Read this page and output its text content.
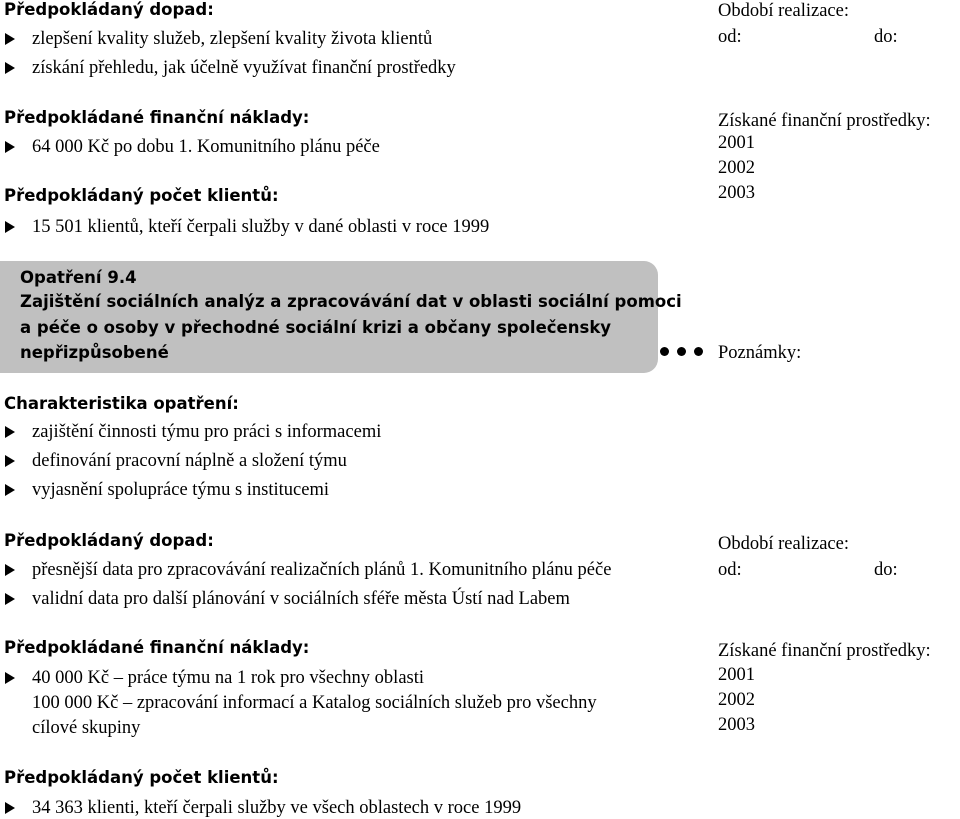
Předpokládaný dopad:
zlepšení kvality služeb, zlepšení kvality života klientů
získání přehledu, jak účelně využívat finanční prostředky
Předpokládané finanční náklady:
64 000 Kč po dobu 1. Komunitního plánu péče
Předpokládaný počet klientů:
15 501 klientů, kteří čerpali služby v dané oblasti v roce 1999
Období realizace:
od:	do:
Získané finanční prostředky:
2001
2002
2003
Opatření 9.4
Zajištění sociálních analýz a zpracovávání dat v oblasti sociální pomoci
a péče o osoby v přechodné sociální krizi a občany společensky
nepřizpůsobené	Poznámky:
Charakteristika opatření:
zajištění činnosti týmu pro práci s informacemi
definování pracovní náplně a složení týmu
vyjasnění spolupráce týmu s institucemi
Předpokládaný dopad:
přesnější data pro zpracovávání realizačních plánů 1. Komunitního plánu péče
validní data pro další plánování v sociálních sféře města Ústí nad Labem
Předpokládané finanční náklady:
40 000 Kč – práce týmu na 1 rok pro všechny oblasti
100 000 Kč – zpracování informací a Katalog sociálních služeb pro všechny
cílové skupiny
Předpokládaný počet klientů:
34 363 klienti, kteří čerpali služby ve všech oblastech v roce 1999
Období realizace:
od:	do:
Získané finanční prostředky:
2001
2002
2003
